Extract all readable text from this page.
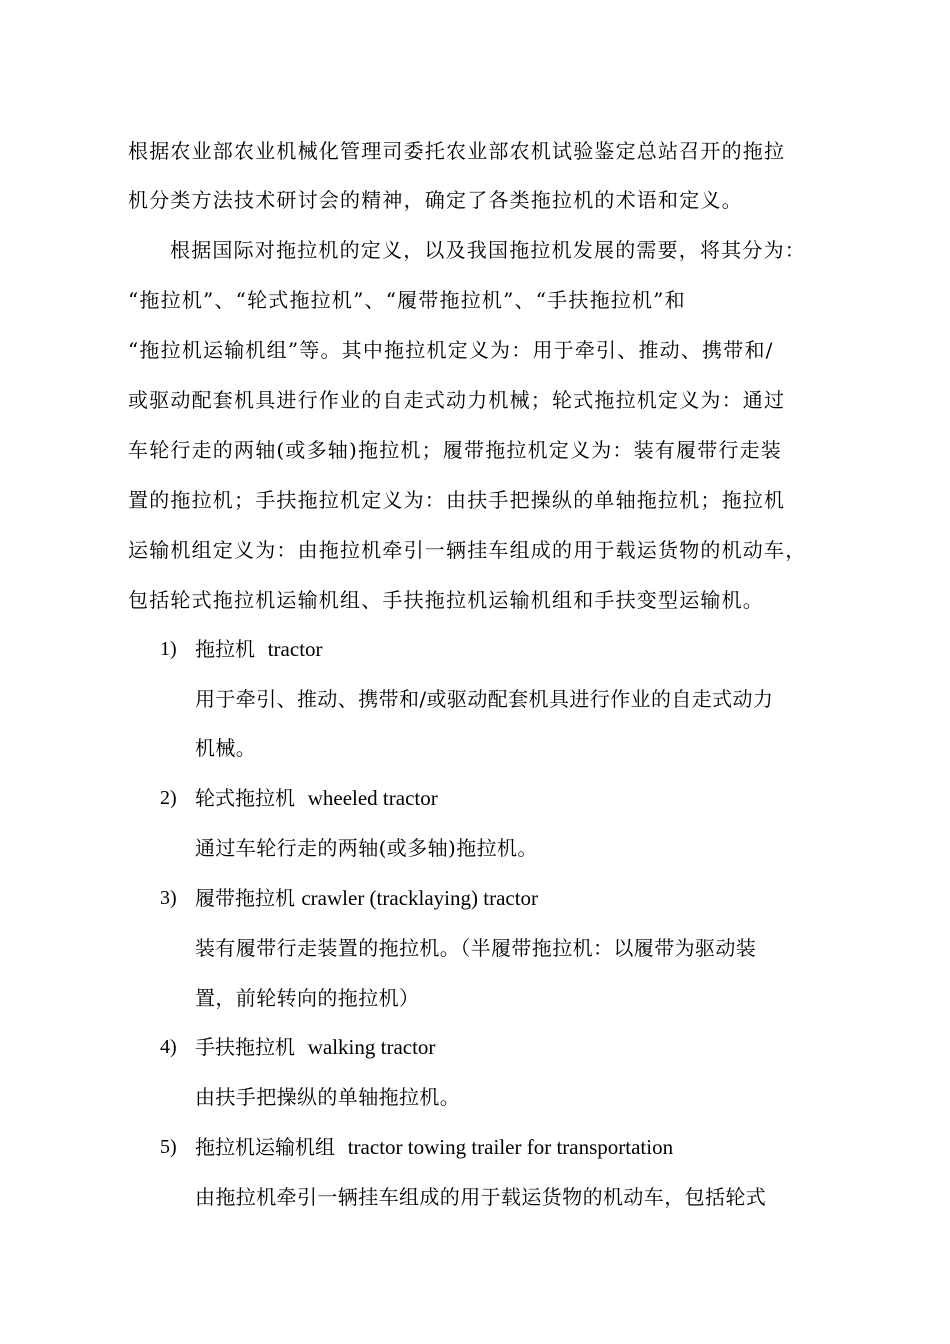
根据农业部农业机械化管理司委托农业部农机试验鉴定总站召开的拖拉
机分类方法技术研讨会的精神，确定了各类拖拉机的术语和定义。
根据国际对拖拉机的定义，以及我国拖拉机发展的需要，将其分为：
“拖拉机”、“轮式拖拉机”、“履带拖拉机”、“手扶拖拉机”和
“拖拉机运输机组”等。其中拖拉机定义为：用于牵引、推动、携带和/
或驱动配套机具进行作业的自走式动力机械；轮式拖拉机定义为：通过
车轮行走的两轴(或多轴)拖拉机；履带拖拉机定义为：装有履带行走装
置的拖拉机；手扶拖拉机定义为：由扶手把操纵的单轴拖拉机；拖拉机
运输机组定义为：由拖拉机牵引一辆挂车组成的用于载运货物的机动车，
包括轮式拖拉机运输机组、手扶拖拉机运输机组和手扶变型运输机。
1) 拖拉机 tractor
用于牵引、推动、携带和/或驱动配套机具进行作业的自走式动力
机械。
2) 轮式拖拉机 wheeled tractor
通过车轮行走的两轴(或多轴)拖拉机。
3) 履带拖拉机 crawler (tracklaying) tractor
装有履带行走装置的拖拉机。（半履带拖拉机：以履带为驱动装
置，前轮转向的拖拉机）
4) 手扶拖拉机 walking tractor
由扶手把操纵的单轴拖拉机。
5) 拖拉机运输机组 tractor towing trailer for transportation
由拖拉机牵引一辆挂车组成的用于载运货物的机动车，包括轮式
